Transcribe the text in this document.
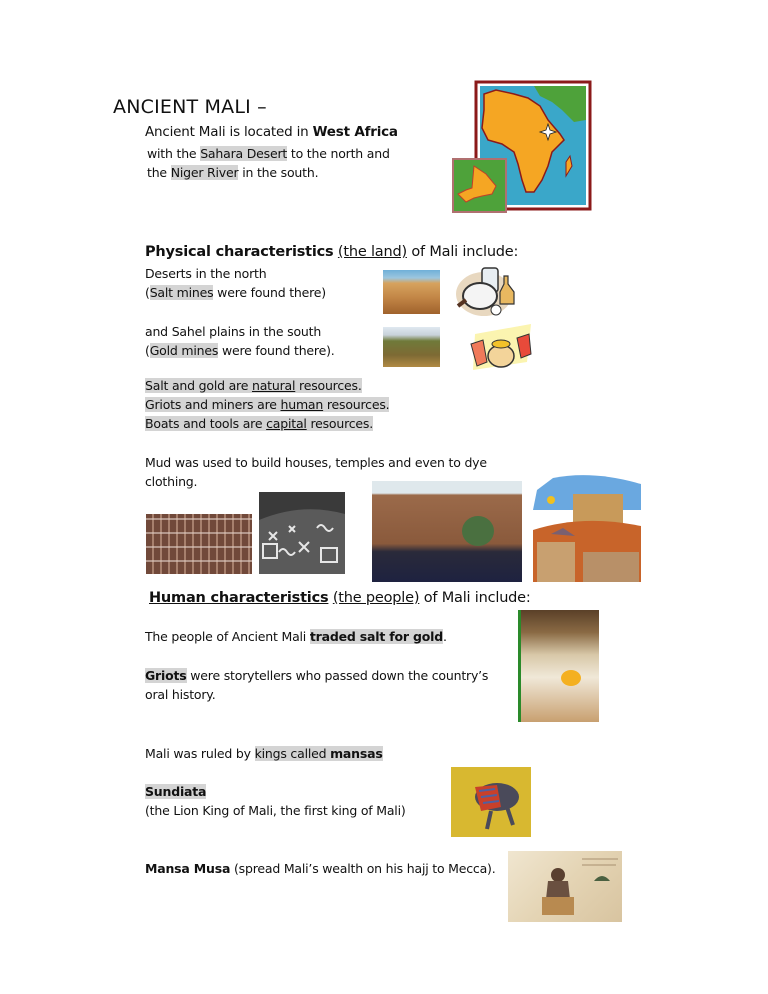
ANCIENT MALI –
Ancient Mali is located in West Africa
with the Sahara Desert to the north and
the Niger River in the south.
Physical characteristics (the land) of Mali include:
Deserts in the north
(Salt mines were found there)
and Sahel plains in the south
(Gold mines were found there).
Salt and gold are natural resources.
Griots and miners are human resources.
Boats and tools are capital resources.
Mud was used to build houses, temples and even to dye
clothing.
Human characteristics (the people) of Mali include:
The people of Ancient Mali traded salt for gold.
Griots were storytellers who passed down the country’s
oral history.
Mali was ruled by kings called mansas
Sundiata
(the Lion King of Mali, the first king of Mali)
Mansa Musa (spread Mali’s wealth on his hajj to Mecca).
